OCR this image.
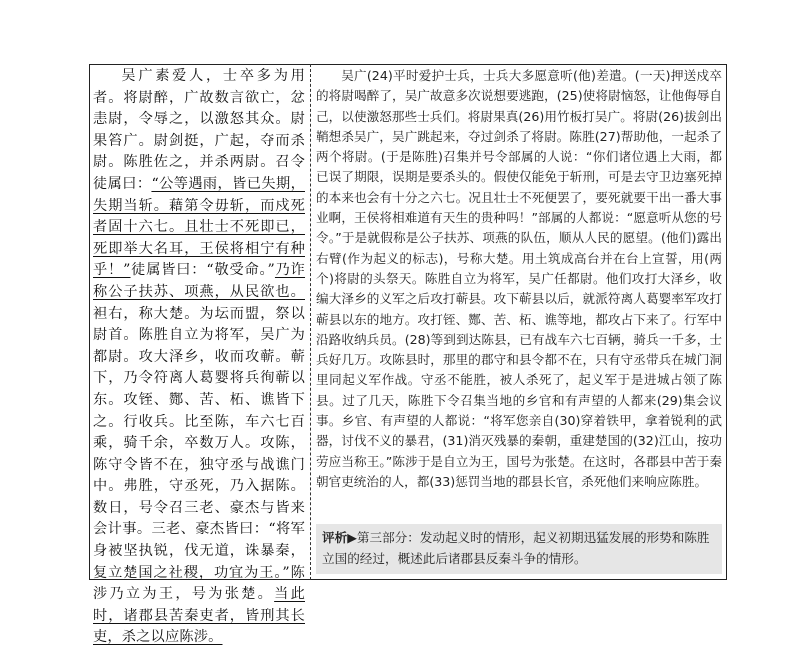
吴广素爱人，士卒多为用者。将尉醉，广故数言欲亡，忿恚尉，令辱之，以激怒其众。尉果笞广。尉剑挺，广起，夺而杀尉。陈胜佐之，并杀两尉。召令徒属曰：“公等遇雨，皆已失期，失期当斩。藉第令毋斩，而戍死者固十六七。且壮士不死即已，死即举大名耳，王侯将相宁有种乎！”徒属皆曰：“敬受命。”乃诈称公子扶苏、项燕，从民欲也。袒右，称大楚。为坛而盟，祭以尉首。陈胜自立为将军，吴广为都尉。攻大泽乡，收而攻蕲。蕲下，乃令符离人葛婴将兵徇蕲以东。攻铚、酂、苦、柘、谯皆下之。行收兵。比至陈，车六七百乘，骑千余，卒数万人。攻陈，陈守令皆不在，独守丞与战谯门中。弗胜，守丞死，乃入据陈。数日，号令召三老、豪杰与皆来会计事。三老、豪杰皆曰：“将军身被坚执锐，伐无道，诛暴秦，复立楚国之社稷，功宜为王。”陈涉乃立为王，号为张楚。当此时，诸郡县苦秦吏者，皆刑其长吏，杀之以应陈涉。

吴广(24)平时爱护士兵，士兵大多愿意听(他)差遣。(一天)押送戍卒的将尉喝醉了，吴广故意多次说想要逃跑，(25)使将尉恼怒，让他侮辱自己，以使激怒那些士兵们。将尉果真(26)用竹板打吴广。将尉(26)拔剑出鞘想杀吴广，吴广跳起来，夺过剑杀了将尉。陈胜(27)帮助他，一起杀了两个将尉。(于是陈胜)召集并号令部属的人说：“你们诸位遇上大雨，都已误了期限，误期是要杀头的。假使仅能免于斩刑，可是去守卫边塞死掉的本来也会有十分之六七。况且壮士不死便罢了，要死就要干出一番大事业啊，王侯将相难道有天生的贵种吗！”部属的人都说：“愿意听从您的号令。”于是就假称是公子扶苏、项燕的队伍，顺从人民的愿望。(他们)露出右臂(作为起义的标志)，号称大楚。用土筑成高台并在台上宣誓，用(两个)将尉的头祭天。陈胜自立为将军，吴广任都尉。他们攻打大泽乡，收编大泽乡的义军之后攻打蕲县。攻下蕲县以后，就派符离人葛婴率军攻打蕲县以东的地方。攻打铚、酂、苦、柘、谯等地，都攻占下来了。行军中沿路收纳兵员。(28)等到到达陈县，已有战车六七百辆，骑兵一千多，士兵好几万。攻陈县时，那里的郡守和县令都不在，只有守丞带兵在城门洞里同起义军作战。守丞不能胜，被人杀死了，起义军于是进城占领了陈县。过了几天，陈胜下令召集当地的乡官和有声望的人都来(29)集会议事。乡官、有声望的人都说：“将军您亲自(30)穿着铁甲，拿着锐利的武器，讨伐不义的暴君，(31)消灭残暴的秦朝，重建楚国的(32)江山，按功劳应当称王。”陈涉于是自立为王，国号为张楚。在这时，各郡县中苦于秦朝官吏统治的人，都(33)惩罚当地的郡县长官，杀死他们来响应陈胜。

评析▶第三部分：发动起义时的情形，起义初期迅猛发展的形势和陈胜立国的经过，概述此后诸郡县反秦斗争的情形。
